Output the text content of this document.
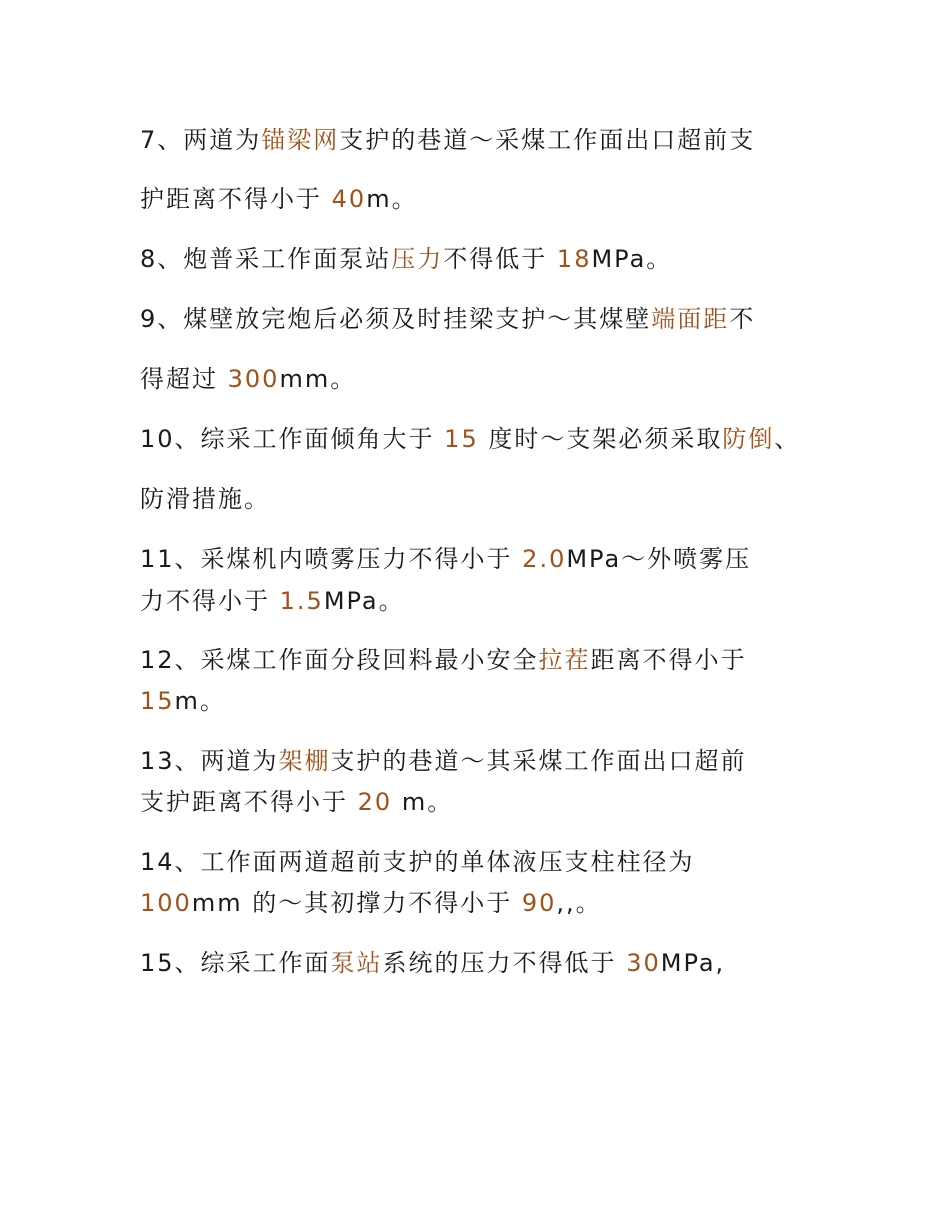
7、两道为锚梁网支护的巷道～采煤工作面出口超前支
护距离不得小于 40m。
8、炮普采工作面泵站压力不得低于 18MPa。
9、煤壁放完炮后必须及时挂梁支护～其煤壁端面距不
得超过 300mm。
10、综采工作面倾角大于 15 度时～支架必须采取防倒、
防滑措施。
11、采煤机内喷雾压力不得小于 2.0MPa～外喷雾压
力不得小于 1.5MPa。
12、采煤工作面分段回料最小安全拉茬距离不得小于
15m。
13、两道为架棚支护的巷道～其采煤工作面出口超前
支护距离不得小于 20 m。
14、工作面两道超前支护的单体液压支柱柱径为
100mm 的～其初撑力不得小于 90,,。
15、综采工作面泵站系统的压力不得低于 30MPa,
